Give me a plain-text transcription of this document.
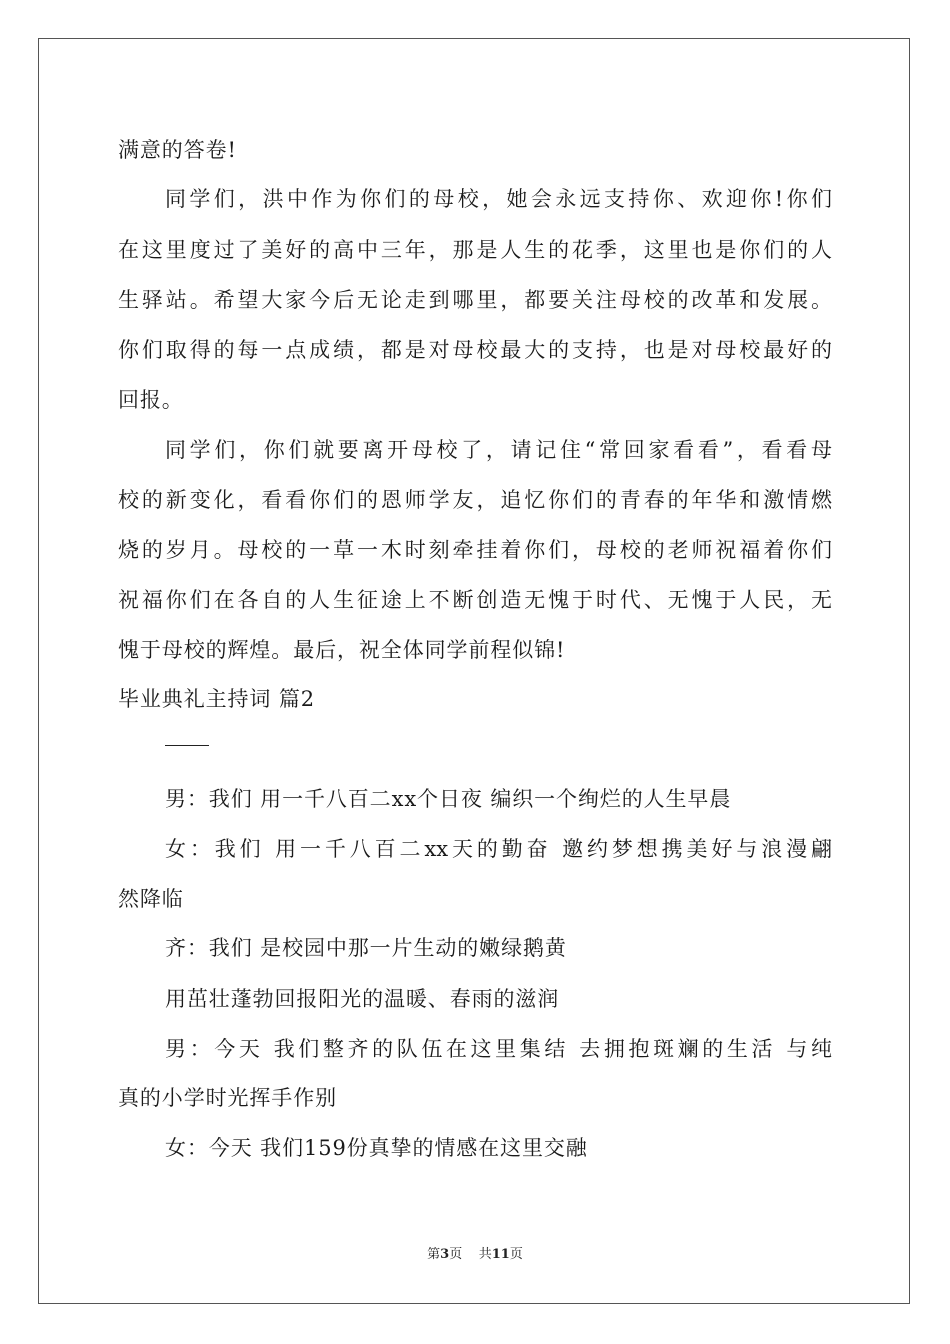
满意的答卷!
同学们，洪中作为你们的母校，她会永远支持你、欢迎你!你们
在这里度过了美好的高中三年，那是人生的花季，这里也是你们的人
生驿站。希望大家今后无论走到哪里，都要关注母校的改革和发展。
你们取得的每一点成绩，都是对母校最大的支持，也是对母校最好的
回报。
同学们，你们就要离开母校了，请记住“常回家看看”，看看母
校的新变化，看看你们的恩师学友，追忆你们的青春的年华和激情燃
烧的岁月。母校的一草一木时刻牵挂着你们，母校的老师祝福着你们
祝福你们在各自的人生征途上不断创造无愧于时代、无愧于人民，无
愧于母校的辉煌。最后，祝全体同学前程似锦!
毕业典礼主持词 篇2
男：我们 用一千八百二xx个日夜 编织一个绚烂的人生早晨
女：我们 用一千八百二xx天的勤奋 邀约梦想携美好与浪漫翩
然降临
齐：我们 是校园中那一片生动的嫩绿鹅黄
用茁壮蓬勃回报阳光的温暖、春雨的滋润
男：今天 我们整齐的队伍在这里集结 去拥抱斑斓的生活 与纯
真的小学时光挥手作别
女：今天 我们159份真挚的情感在这里交融
第3页 共11页
